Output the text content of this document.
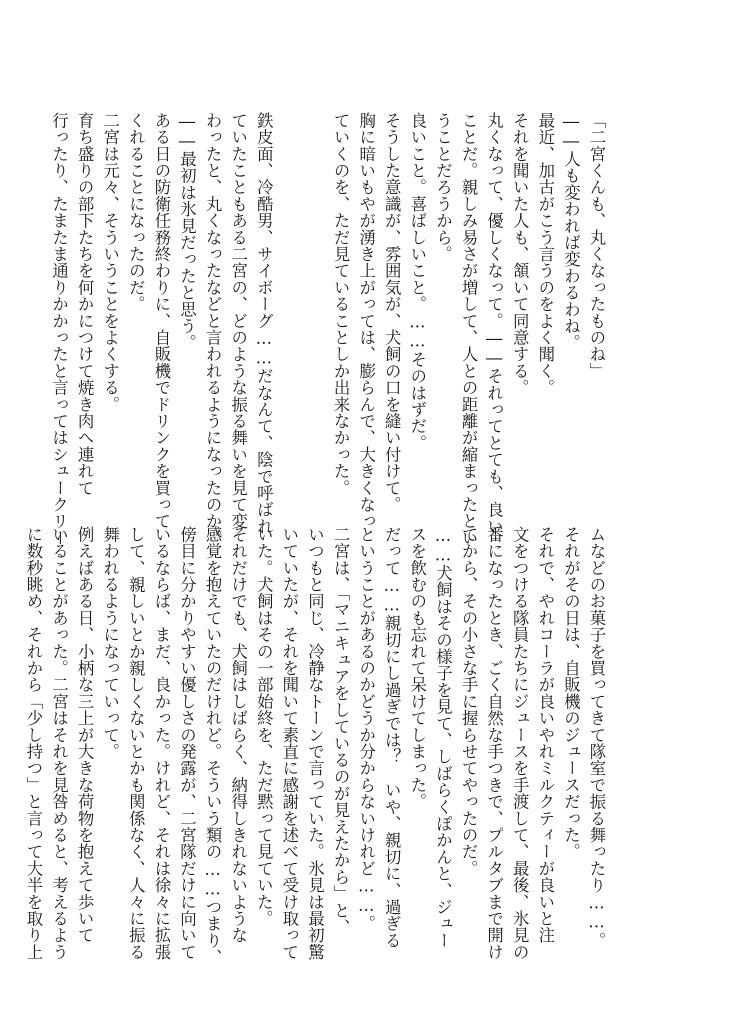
「二宮くんも、丸くなったものね」

――人も変われば変わるわね。

最近、加古がこう言うのをよく聞く。

それを聞いた人も、頷いて同意する。

丸くなって、優しくなって。――それってとても、良い

ことだ。親しみ易さが増して、人との距離が縮まったとい

うことだろうから。

良いこと。喜ばしいこと。……そのはずだ。

そうした意識が、雰囲気が、犬飼の口を縫い付けて。

胸に暗いもやが湧き上がっては、膨らんで、大きくなっ

ていくのを、ただ見ていることしか出来なかった。

鉄皮面、冷酷男、サイボーグ……だなんて、陰で呼ばれ

ていたこともある二宮の、どのような振る舞いを見て変

わったと、丸くなったなどと言われるようになったのか。

――最初は氷見だったと思う。

ある日の防衛任務終わりに、自販機でドリンクを買って

くれることになったのだ。

二宮は元々、そういうことをよくする。

育ち盛りの部下たちを何かにつけて焼き肉へ連れて

行ったり、たまたま通りかかったと言ってはシュークリー

ムなどのお菓子を買ってきて隊室で振る舞ったり……。

それがその日は、自販機のジュースだった。

それで、やれコーラが良いやれミルクティーが良いと注

文をつける隊員たちにジュースを手渡して、最後、氷見の

番になったとき、ごく自然な手つきで、プルタブまで開け

てから、その小さな手に握らせてやったのだ。

……犬飼はその様子を見て、しばらくぽかんと、ジュー

スを飲むのも忘れて呆けてしまった。

だって……親切にし過ぎでは？　いや、親切に、過ぎる

ということがあるのかどうか分からないけれど……。

二宮は、「マニキュアをしているのが見えたから」と、

いつもと同じ、冷静なトーンで言っていた。氷見は最初驚

いていたが、それを聞いて素直に感謝を述べて受け取って

いた。犬飼はその一部始終を、ただ黙って見ていた。

それだけでも、犬飼はしばらく、納得しきれないような

感覚を抱えていたのだけれど。そういう類の……つまり、

傍目に分かりやすい優しさの発露が、二宮隊だけに向いて

いるならば、まだ、良かった。けれど、それは徐々に拡張

して、親しいとか親しくないとかも関係なく、人々に振る

舞われるようになっていって。

例えばある日、小柄な三上が大きな荷物を抱えて歩いて

いることがあった。二宮はそれを見咎めると、考えるよう

に数秒眺め、それから「少し持つ」と言って大半を取り上
